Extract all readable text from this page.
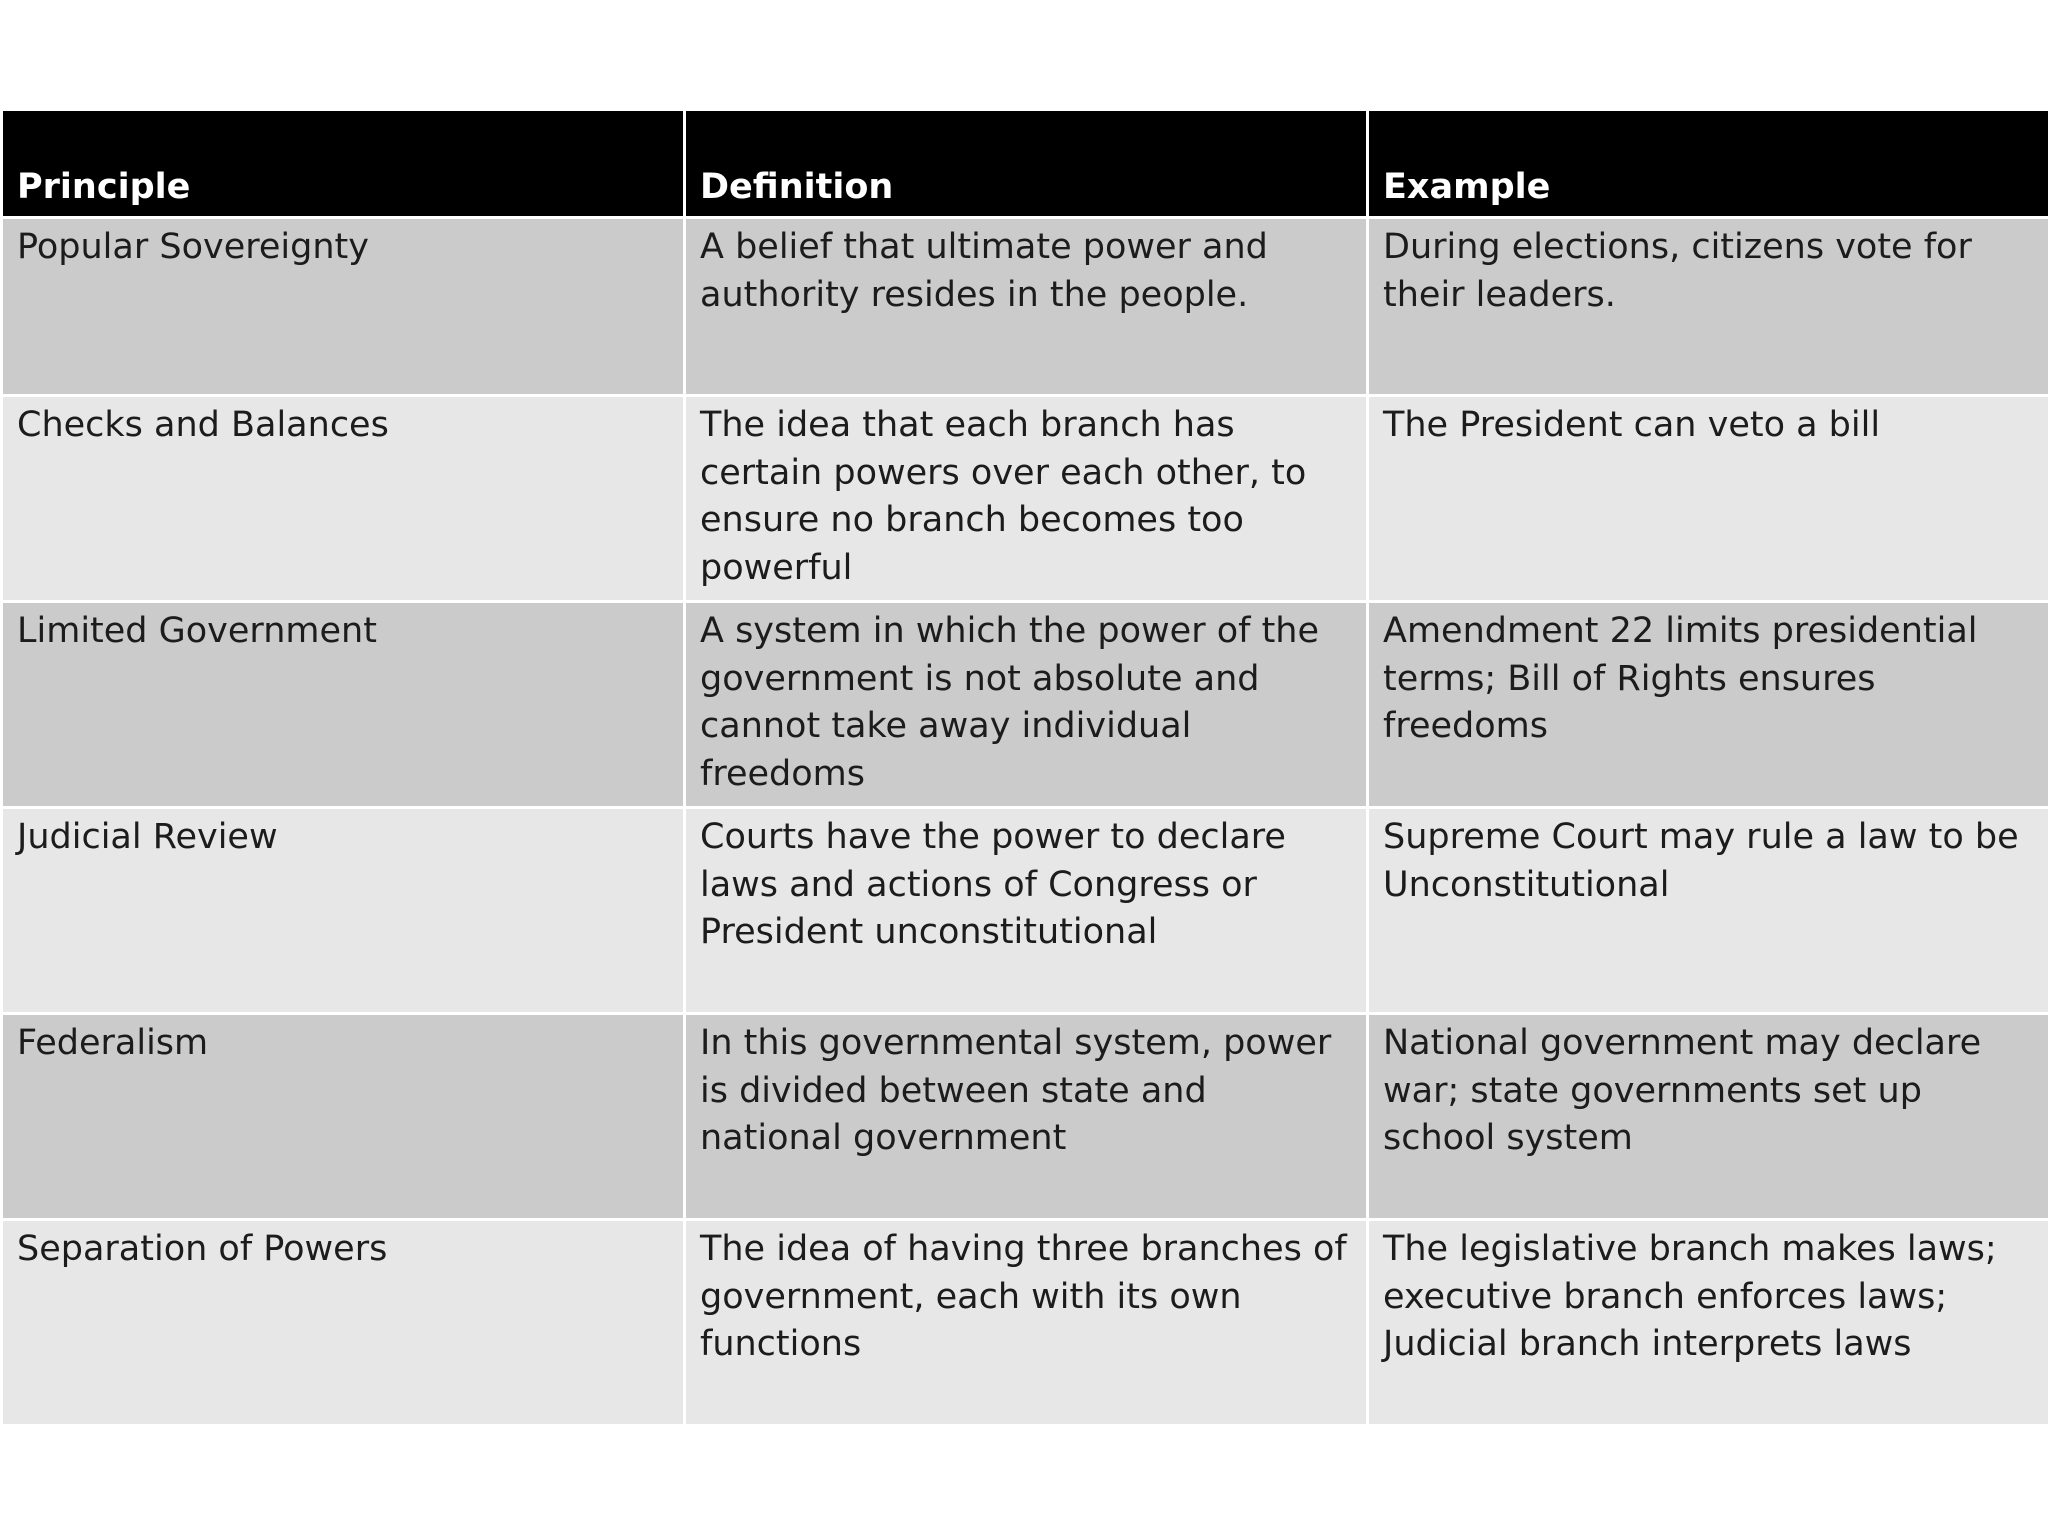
Principle	Definition	Example
Popular Sovereignty	A belief that ultimate power and authority resides in the people.	During elections, citizens vote for their leaders.
Checks and Balances	The idea that each branch has certain powers over each other, to ensure no branch becomes too powerful	The President can veto a bill
Limited Government	A system in which the power of the government is not absolute and cannot take away individual freedoms	Amendment 22 limits presidential terms; Bill of Rights ensures freedoms
Judicial Review	Courts have the power to declare laws and actions of Congress or President unconstitutional	Supreme Court may rule a law to be Unconstitutional
Federalism	In this governmental system, power is divided between state and national government	National government may declare war; state governments set up school system
Separation of Powers	The idea of having three branches of government, each with its own functions	The legislative branch makes laws; executive branch enforces laws; Judicial branch interprets laws
